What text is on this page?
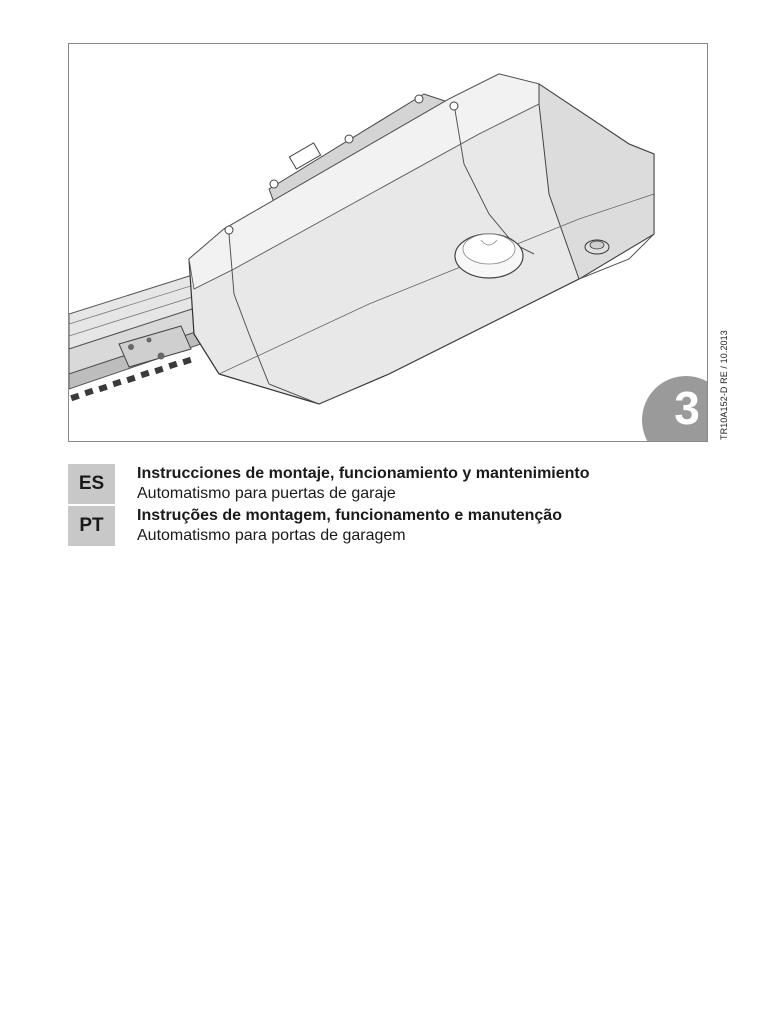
3	TR10A152-D RE / 10.2013
ES	Instrucciones de montaje, funcionamiento y mantenimiento
Automatismo para puertas de garaje
PT	Instruções de montagem, funcionamento e manutenção
Automatismo para portas de garagem
